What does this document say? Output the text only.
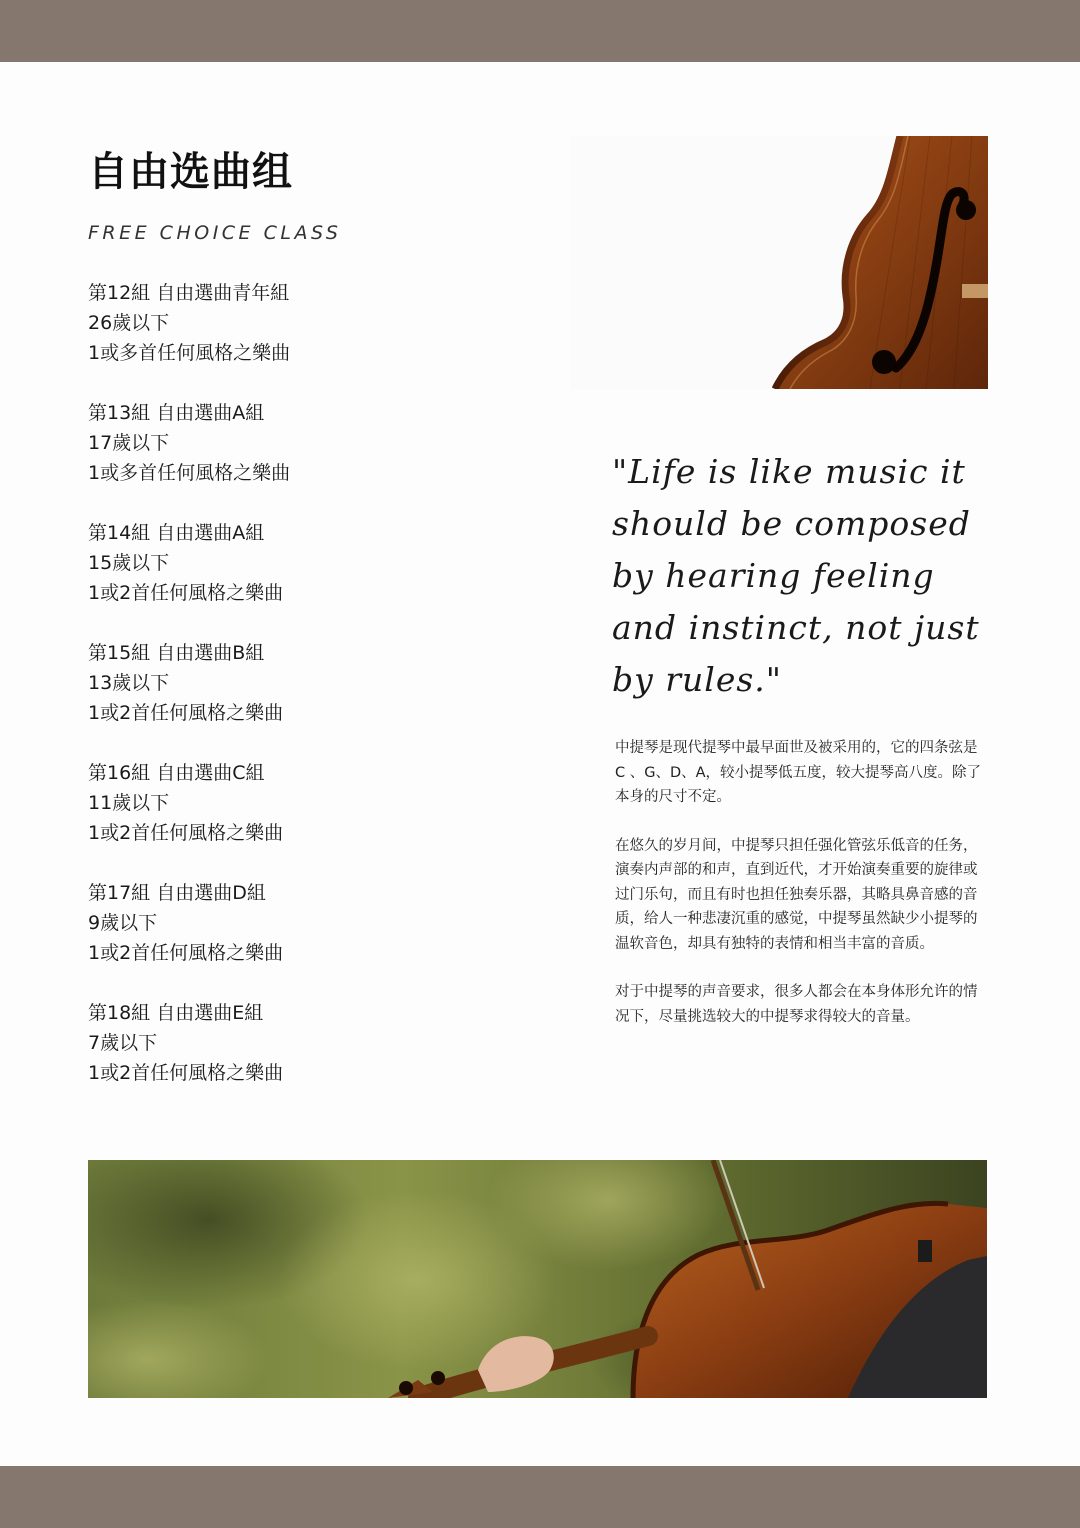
自由选曲组
FREE CHOICE CLASS
第12組 自由選曲青年組
26歲以下
1或多首任何風格之樂曲
第13組 自由選曲A組
17歲以下
1或多首任何風格之樂曲
第14組 自由選曲A組
15歲以下
1或2首任何風格之樂曲
第15組 自由選曲B組
13歲以下
1或2首任何風格之樂曲
第16組 自由選曲C組
11歲以下
1或2首任何風格之樂曲
第17組 自由選曲D組
9歲以下
1或2首任何風格之樂曲
第18組 自由選曲E組
7歲以下
1或2首任何風格之樂曲

"Life is like music it should be composed by hearing feeling and instinct, not just by rules."

中提琴是现代提琴中最早面世及被采用的，它的四条弦是C 、G、D、A，较小提琴低五度，较大提琴高八度。除了本身的尺寸不定。

在悠久的岁月间，中提琴只担任强化管弦乐低音的任务，演奏内声部的和声，直到近代，才开始演奏重要的旋律或过门乐句，而且有时也担任独奏乐器，其略具鼻音感的音质，给人一种悲凄沉重的感觉，中提琴虽然缺少小提琴的温软音色，却具有独特的表情和相当丰富的音质。

对于中提琴的声音要求，很多人都会在本身体形允许的情况下，尽量挑选较大的中提琴求得较大的音量。
